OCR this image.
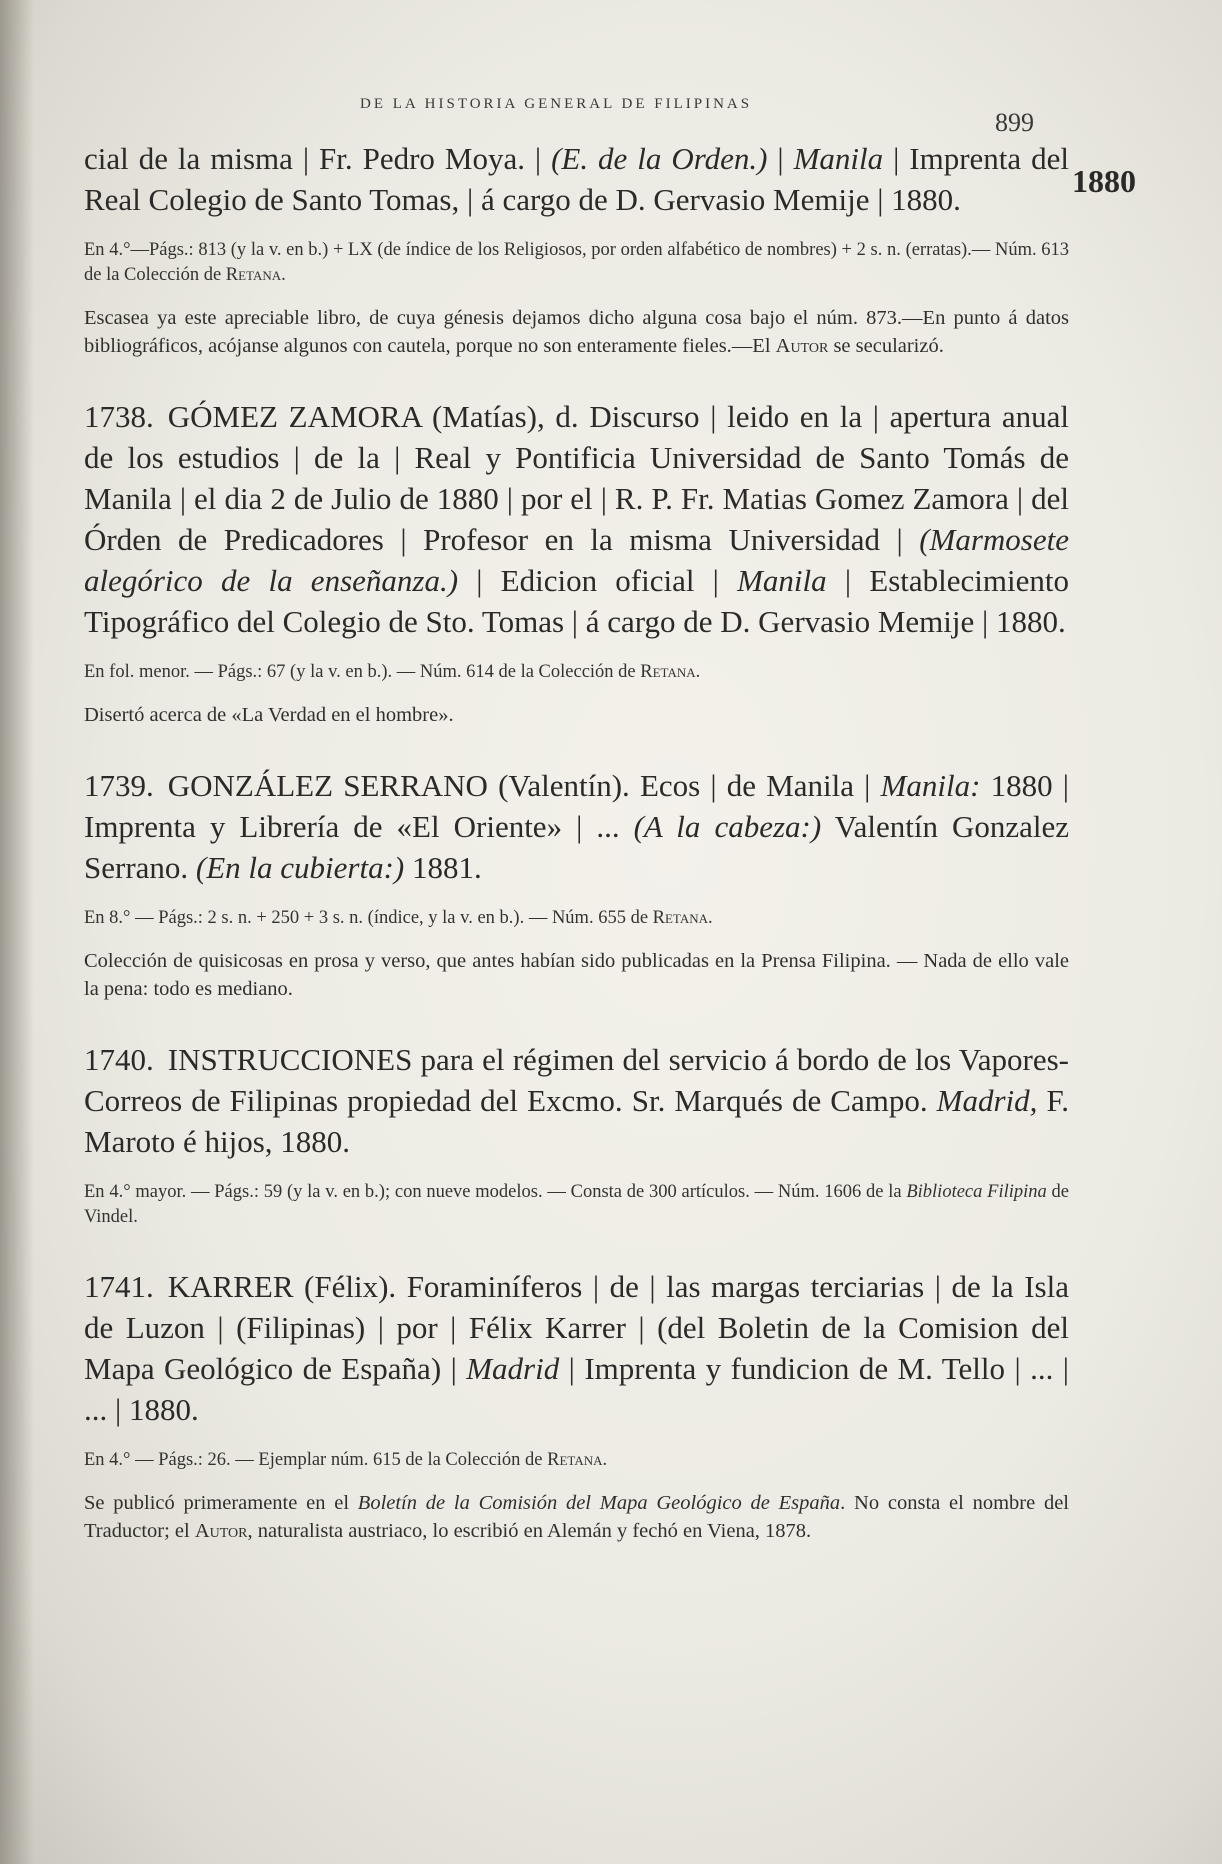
DE LA HISTORIA GENERAL DE FILIPINAS
899
1880

cial de la misma | Fr. Pedro Moya. | (E. de la Orden.) | Manila | Imprenta del Real Colegio de Santo Tomas, | á cargo de D. Gervasio Memije | 1880.

En 4.°—Págs.: 813 (y la v. en b.) + LX (de índice de los Religiosos, por orden alfabético de nombres) + 2 s. n. (erratas).— Núm. 613 de la Colección de Retana.

Escasea ya este apreciable libro, de cuya génesis dejamos dicho alguna cosa bajo el núm. 873.—En punto á datos bibliográficos, acójanse algunos con cautela, porque no son enteramente fieles.—El Autor se secularizó.

1738. GÓMEZ ZAMORA (Matías), d. Discurso | leido en la | apertura anual de los estudios | de la | Real y Pontificia Universidad de Santo Tomás de Manila | el dia 2 de Julio de 1880 | por el | R. P. Fr. Matias Gomez Zamora | del Órden de Predicadores | Profesor en la misma Universidad | (Marmosete alegórico de la enseñanza.) | Edicion oficial | Manila | Establecimiento Tipográfico del Colegio de Sto. Tomas | á cargo de D. Gervasio Memije | 1880.

En fol. menor. — Págs.: 67 (y la v. en b.). — Núm. 614 de la Colección de Retana.

Disertó acerca de «La Verdad en el hombre».

1739. GONZÁLEZ SERRANO (Valentín). Ecos | de Manila | Manila: 1880 | Imprenta y Librería de «El Oriente» | ... (A la cabeza:) Valentín Gonzalez Serrano. (En la cubierta:) 1881.

En 8.° — Págs.: 2 s. n. + 250 + 3 s. n. (índice, y la v. en b.). — Núm. 655 de Retana.

Colección de quisicosas en prosa y verso, que antes habían sido publicadas en la Prensa Filipina. — Nada de ello vale la pena: todo es mediano.

1740. INSTRUCCIONES para el régimen del servicio á bordo de los Vapores-Correos de Filipinas propiedad del Excmo. Sr. Marqués de Campo. Madrid, F. Maroto é hijos, 1880.

En 4.° mayor. — Págs.: 59 (y la v. en b.); con nueve modelos. — Consta de 300 artículos. — Núm. 1606 de la Biblioteca Filipina de Vindel.

1741. KARRER (Félix). Foraminíferos | de | las margas terciarias | de la Isla de Luzon | (Filipinas) | por | Félix Karrer | (del Boletin de la Comision del Mapa Geológico de España) | Madrid | Imprenta y fundicion de M. Tello | ... | ... | 1880.

En 4.° — Págs.: 26. — Ejemplar núm. 615 de la Colección de Retana.

Se publicó primeramente en el Boletín de la Comisión del Mapa Geológico de España. No consta el nombre del Traductor; el Autor, naturalista austriaco, lo escribió en Alemán y fechó en Viena, 1878.
